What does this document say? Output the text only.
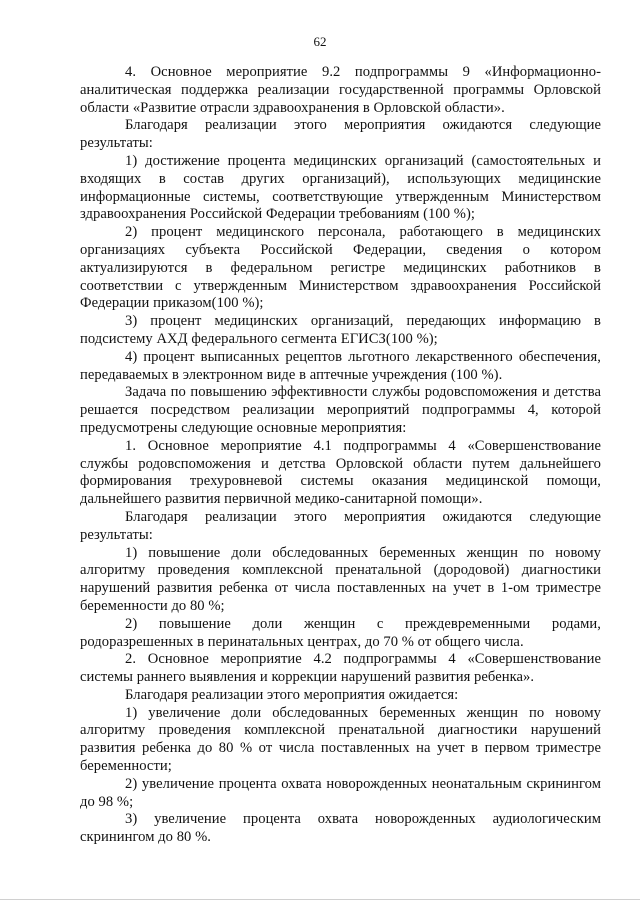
62

4. Основное мероприятие 9.2 подпрограммы 9 «Информационно-аналитическая поддержка реализации государственной программы Орловской области «Развитие отрасли здравоохранения в Орловской области».

Благодаря реализации этого мероприятия ожидаются следующие результаты:

1) достижение процента медицинских организаций (самостоятельных и входящих в состав других организаций), использующих медицинские информационные системы, соответствующие утвержденным Министерством здравоохранения Российской Федерации требованиям (100 %);

2) процент медицинского персонала, работающего в медицинских организациях субъекта Российской Федерации, сведения о котором актуализируются в федеральном регистре медицинских работников в соответствии с утвержденным Министерством здравоохранения Российской Федерации приказом(100 %);

3) процент медицинских организаций, передающих информацию в подсистему АХД федерального сегмента ЕГИСЗ(100 %);

4) процент выписанных рецептов льготного лекарственного обеспечения, передаваемых в электронном виде в аптечные учреждения (100 %).

Задача по повышению эффективности службы родовспоможения и детства решается посредством реализации мероприятий подпрограммы 4, которой предусмотрены следующие основные мероприятия:

1. Основное мероприятие 4.1 подпрограммы 4 «Совершенствование службы родовспоможения и детства Орловской области путем дальнейшего формирования трехуровневой системы оказания медицинской помощи, дальнейшего развития первичной медико-санитарной помощи».

Благодаря реализации этого мероприятия ожидаются следующие результаты:

1) повышение доли обследованных беременных женщин по новому алгоритму проведения комплексной пренатальной (дородовой) диагностики нарушений развития ребенка от числа поставленных на учет в 1-ом триместре беременности до 80 %;

2) повышение доли женщин с преждевременными родами, родоразрешенных в перинатальных центрах, до 70 % от общего числа.

2. Основное мероприятие 4.2 подпрограммы 4 «Совершенствование системы раннего выявления и коррекции нарушений развития ребенка».

Благодаря реализации этого мероприятия ожидается:

1) увеличение доли обследованных беременных женщин по новому алгоритму проведения комплексной пренатальной диагностики нарушений развития ребенка до 80 % от числа поставленных на учет в первом триместре беременности;

2) увеличение процента охвата новорожденных неонатальным скринингом до 98 %;

3) увеличение процента охвата новорожденных аудиологическим скринингом до 80 %.
